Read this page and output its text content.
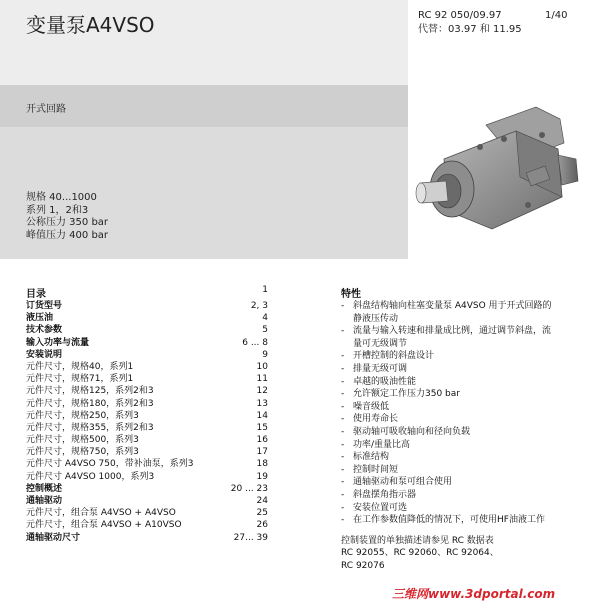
变量泵A4VSO	RC 92 050/09.97	1/40
代替：03.97 和 11.95
开式回路
规格 40...1000
系列 1，2和3
公称压力 350 bar
峰值压力 400 bar
目录	1
订货型号	2, 3
液压油	4
技术参数	5
输入功率与流量	6 ... 8
安装说明	9
元件尺寸，规格40，系列1	10
元件尺寸，规格71，系列1	11
元件尺寸，规格125，系列2和3	12
元件尺寸，规格180，系列2和3	13
元件尺寸，规格250，系列3	14
元件尺寸，规格355，系列2和3	15
元件尺寸，规格500，系列3	16
元件尺寸，规格750，系列3	17
元件尺寸 A4VSO 750，带补油泵，系列3	18
元件尺寸 A4VSO 1000，系列3	19
控制概述	20 ... 23
通轴驱动	24
元件尺寸，组合泵 A4VSO + A4VSO	25
元件尺寸，组合泵 A4VSO + A10VSO	26
通轴驱动尺寸	27... 39
特性
- 斜盘结构轴向柱塞变量泵 A4VSO 用于开式回路的
静液压传动
- 流量与输入转速和排量成比例，通过调节斜盘，流
量可无级调节
- 开槽控制的斜盘设计
- 排量无级可调
- 卓越的吸油性能
- 允许额定工作压力350 bar
- 噪音级低
- 使用寿命长
- 驱动轴可吸收轴向和径向负载
- 功率/重量比高
- 标准结构
- 控制时间短
- 通轴驱动和泵可组合使用
- 斜盘摆角指示器
- 安装位置可选
- 在工作参数值降低的情况下，可使用HF油液工作
控制装置的单独描述请参见 RC 数据表
RC 92055、RC 92060、RC 92064、
RC 92076
三维网www.3dportal.com
